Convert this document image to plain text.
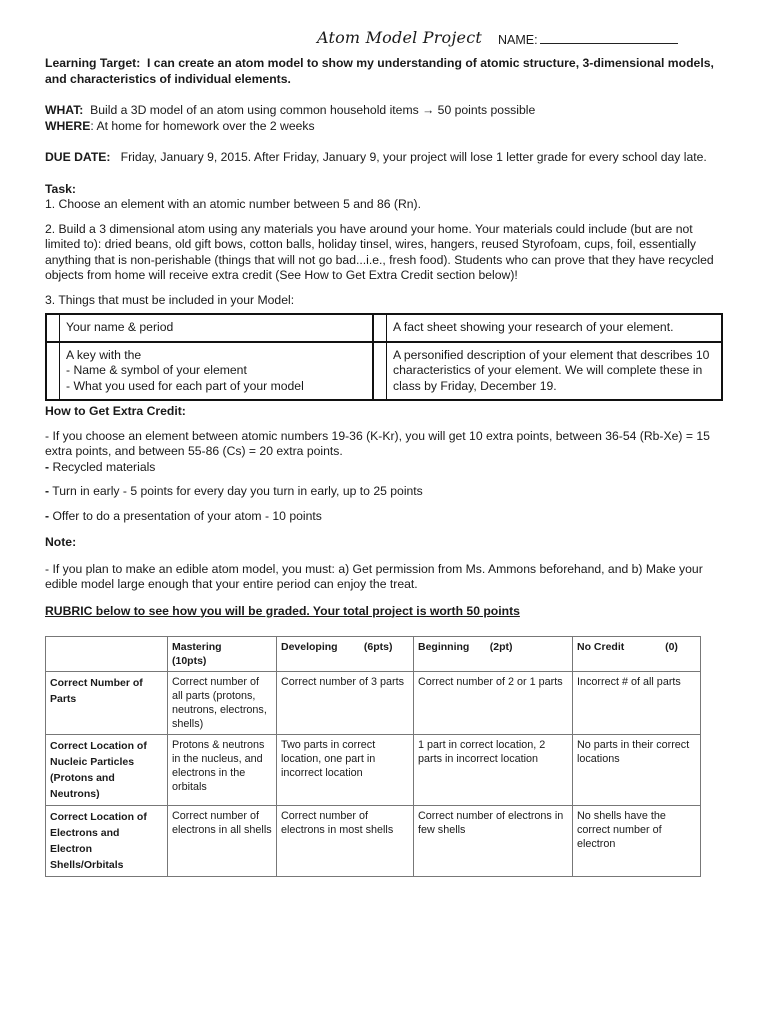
Atom Model Project NAME:

Learning Target: I can create an atom model to show my understanding of atomic structure, 3-dimensional models, and characteristics of individual elements.

WHAT: Build a 3D model of an atom using common household items → 50 points possible

WHERE: At home for homework over the 2 weeks

DUE DATE: Friday, January 9, 2015. After Friday, January 9, your project will lose 1 letter grade for every school day late.

Task:

1. Choose an element with an atomic number between 5 and 86 (Rn).

2. Build a 3 dimensional atom using any materials you have around your home. Your materials could include (but are not limited to): dried beans, old gift bows, cotton balls, holiday tinsel, wires, hangers, reused Styrofoam, cups, foil, essentially anything that is non-perishable (things that will not go bad...i.e., fresh food). Students who can prove that they have recycled objects from home will receive extra credit (See How to Get Extra Credit section below)!

3. Things that must be included in your Model:

	Your name & period		A fact sheet showing your research of your element.

	A key with the
- Name & symbol of your element
- What you used for each part of your model		A personified description of your element that describes 10 characteristics of your element. We will complete these in class by Friday, December 19.

How to Get Extra Credit:

- If you choose an element between atomic numbers 19-36 (K-Kr), you will get 10 extra points, between 36-54 (Rb-Xe) = 15 extra points, and between 55-86 (Cs) = 20 extra points.

- Recycled materials

- Turn in early - 5 points for every day you turn in early, up to 25 points

- Offer to do a presentation of your atom - 10 points

Note:

- If you plan to make an edible atom model, you must: a) Get permission from Ms. Ammons beforehand, and b) Make your edible model large enough that your entire period can enjoy the treat.

RUBRIC below to see how you will be graded. Your total project is worth 50 points

	Mastering        (10pts)	Developing (6pts)	Beginning (2pt)	No Credit (0)
Correct Number of Parts	Correct number of all parts (protons, neutrons, electrons, shells)	Correct number of 3 parts	Correct number of 2 or 1 parts	Incorrect # of all parts
Correct Location of Nucleic Particles (Protons and Neutrons)	Protons & neutrons in the nucleus, and electrons in the orbitals	Two parts in correct location, one part in incorrect location	1 part in correct location, 2 parts in incorrect location	No parts in their correct locations
Correct Location of Electrons and Electron Shells/Orbitals	Correct number of electrons in all shells	Correct number of electrons in most shells	Correct number of electrons in few shells	No shells have the correct number of electron
